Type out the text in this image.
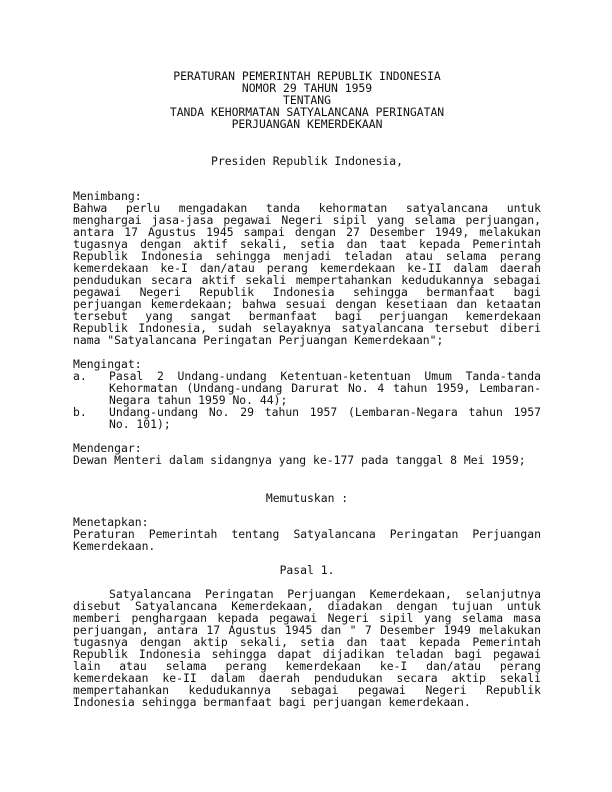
PERATURAN PEMERINTAH REPUBLIK INDONESIA
NOMOR 29 TAHUN 1959
TENTANG
TANDA KEHORMATAN SATYALANCANA PERINGATAN
PERJUANGAN KEMERDEKAAN
Presiden Republik Indonesia,
Menimbang:
Bahwa perlu mengadakan tanda kehormatan satyalancana untuk
menghargai jasa-jasa pegawai Negeri sipil yang selama perjuangan,
antara 17 Agustus 1945 sampai dengan 27 Desember 1949, melakukan
tugasnya dengan aktif sekali, setia dan taat kepada Pemerintah
Republik Indonesia sehingga menjadi teladan atau selama perang
kemerdekaan ke-I dan/atau perang kemerdekaan ke-II dalam daerah
pendudukan secara aktif sekali mempertahankan kedudukannya sebagai
pegawai Negeri Republik Indonesia sehingga bermanfaat bagi
perjuangan kemerdekaan; bahwa sesuai dengan kesetiaan dan ketaatan
tersebut yang sangat bermanfaat bagi perjuangan kemerdekaan
Republik Indonesia, sudah selayaknya satyalancana tersebut diberi
nama "Satyalancana Peringatan Perjuangan Kemerdekaan";
Mengingat:
a. Pasal 2 Undang-undang Ketentuan-ketentuan Umum Tanda-tanda
Kehormatan (Undang-undang Darurat No. 4 tahun 1959, Lembaran-
Negara tahun 1959 No. 44);
b. Undang-undang No. 29 tahun 1957 (Lembaran-Negara tahun 1957
No. 101);
Mendengar:
Dewan Menteri dalam sidangnya yang ke-177 pada tanggal 8 Mei 1959;
Memutuskan :
Menetapkan:
Peraturan Pemerintah tentang Satyalancana Peringatan Perjuangan
Kemerdekaan.
Pasal 1.
Satyalancana Peringatan Perjuangan Kemerdekaan, selanjutnya
disebut Satyalancana Kemerdekaan, diadakan dengan tujuan untuk
memberi penghargaan kepada pegawai Negeri sipil yang selama masa
perjuangan, antara 17 Agustus 1945 dan " 7 Desember 1949 melakukan
tugasnya dengan aktip sekali, setia dan taat kepada Pemerintah
Republik Indonesia sehingga dapat dijadikan teladan bagi pegawai
lain atau selama perang kemerdekaan ke-I dan/atau perang
kemerdekaan ke-II dalam daerah pendudukan secara aktip sekali
mempertahankan kedudukannya sebagai pegawai Negeri Republik
Indonesia sehingga bermanfaat bagi perjuangan kemerdekaan.
